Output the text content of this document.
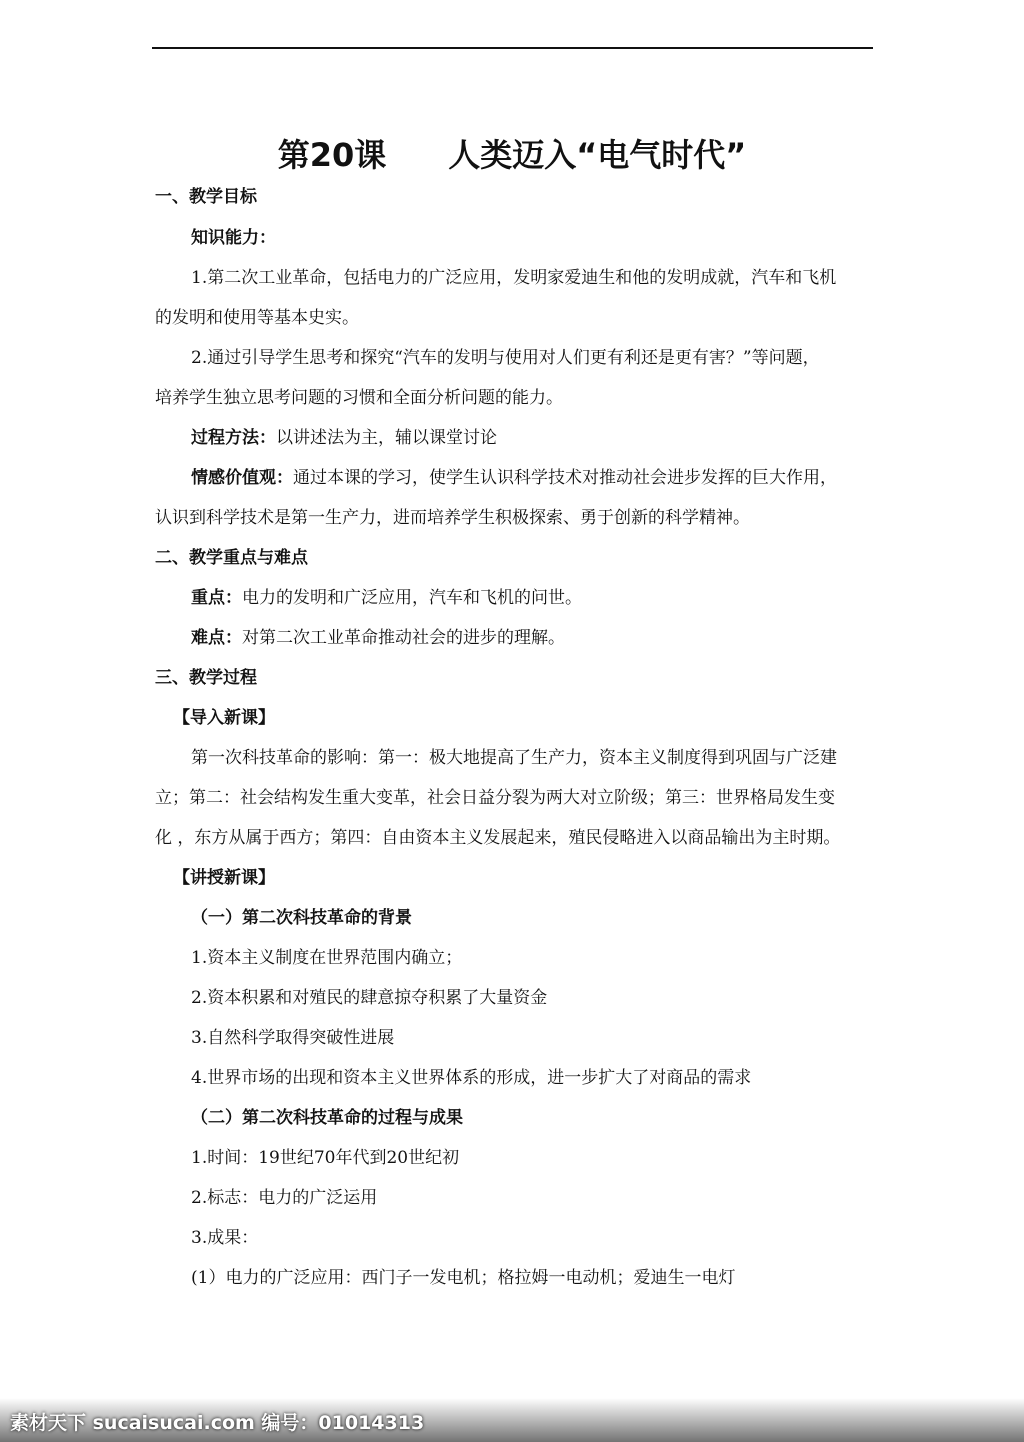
第20课 人类迈入“电气时代”
一、教学目标
知识能力：
1.第二次工业革命，包括电力的广泛应用，发明家爱迪生和他的发明成就，汽车和飞机
的发明和使用等基本史实。
2.通过引导学生思考和探究“汽车的发明与使用对人们更有利还是更有害？”等问题，
培养学生独立思考问题的习惯和全面分析问题的能力。
过程方法：以讲述法为主，辅以课堂讨论
情感价值观：通过本课的学习，使学生认识科学技术对推动社会进步发挥的巨大作用，
认识到科学技术是第一生产力，进而培养学生积极探索、勇于创新的科学精神。
二、教学重点与难点
重点：电力的发明和广泛应用，汽车和飞机的问世。
难点：对第二次工业革命推动社会的进步的理解。
三、教学过程
【导入新课】
第一次科技革命的影响：第一：极大地提高了生产力，资本主义制度得到巩固与广泛建
立；第二：社会结构发生重大变革，社会日益分裂为两大对立阶级；第三：世界格局发生变
化 ，东方从属于西方；第四：自由资本主义发展起来，殖民侵略进入以商品输出为主时期。
【讲授新课】
（一）第二次科技革命的背景
1.资本主义制度在世界范围内确立；
2.资本积累和对殖民的肆意掠夺积累了大量资金
3.自然科学取得突破性进展
4.世界市场的出现和资本主义世界体系的形成，进一步扩大了对商品的需求
（二）第二次科技革命的过程与成果
1.时间：19世纪70年代到20世纪初
2.标志：电力的广泛运用
3.成果：
(1）电力的广泛应用：西门子一发电机；格拉姆一电动机；爱迪生一电灯
素材天下 sucaisucai.com 编号：01014313
